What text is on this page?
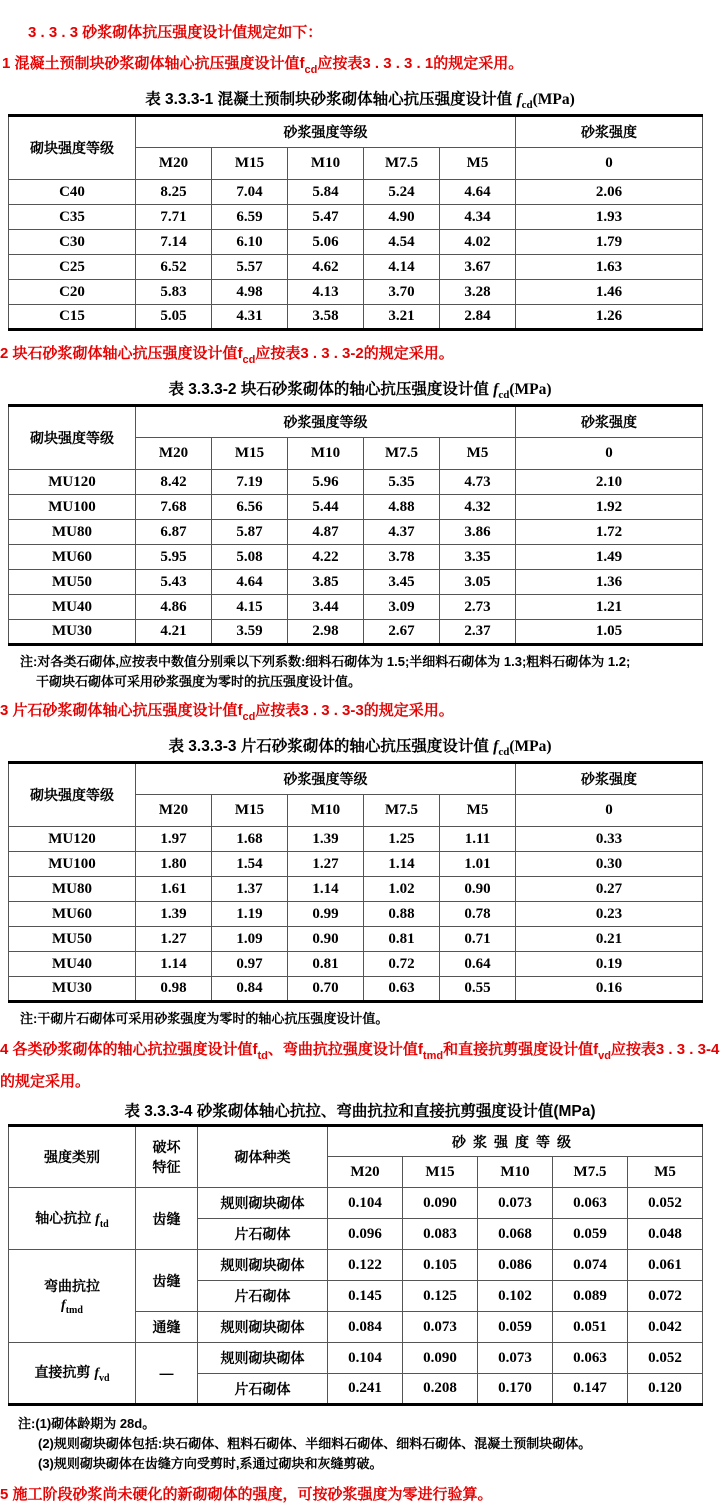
3 . 3 . 3 砂浆砌体抗压强度设计值规定如下：

1 混凝土预制块砂浆砌体轴心抗压强度设计值$f_{cd}$应按表3 . 3 . 3 . 1的规定采用。

表 3.3.3-1 混凝土预制块砂浆砌体轴心抗压强度设计值 $f_{cd}(MPa)$
砌块强度等级	砂浆强度等级					砂浆强度
	M20	M15	M10	M7.5	M5	0
C40	8.25	7.04	5.84	5.24	4.64	2.06
C35	7.71	6.59	5.47	4.90	4.34	1.93
C30	7.14	6.10	5.06	4.54	4.02	1.79
C25	6.52	5.57	4.62	4.14	3.67	1.63
C20	5.83	4.98	4.13	3.70	3.28	1.46
C15	5.05	4.31	3.58	3.21	2.84	1.26

2 块石砂浆砌体轴心抗压强度设计值$f_{cd}$应按表3 . 3 . 3-2的规定采用。

表 3.3.3-2 块石砂浆砌体的轴心抗压强度设计值 $f_{cd}(MPa)$
砌块强度等级	砂浆强度等级					砂浆强度
	M20	M15	M10	M7.5	M5	0
MU120	8.42	7.19	5.96	5.35	4.73	2.10
MU100	7.68	6.56	5.44	4.88	4.32	1.92
MU80	6.87	5.87	4.87	4.37	3.86	1.72
MU60	5.95	5.08	4.22	3.78	3.35	1.49
MU50	5.43	4.64	3.85	3.45	3.05	1.36
MU40	4.86	4.15	3.44	3.09	2.73	1.21
MU30	4.21	3.59	2.98	2.67	2.37	1.05

注:对各类石砌体,应按表中数值分别乘以下列系数:细料石砌体为 1.5;半细料石砌体为 1.3;粗料石砌体为 1.2;
干砌块石砌体可采用砂浆强度为零时的抗压强度设计值。

3 片石砂浆砌体轴心抗压强度设计值$f_{cd}$应按表3 . 3 . 3-3的规定采用。

表 3.3.3-3 片石砂浆砌体的轴心抗压强度设计值 $f_{cd}(MPa)$
砌块强度等级	砂浆强度等级					砂浆强度
	M20	M15	M10	M7.5	M5	0
MU120	1.97	1.68	1.39	1.25	1.11	0.33
MU100	1.80	1.54	1.27	1.14	1.01	0.30
MU80	1.61	1.37	1.14	1.02	0.90	0.27
MU60	1.39	1.19	0.99	0.88	0.78	0.23
MU50	1.27	1.09	0.90	0.81	0.71	0.21
MU40	1.14	0.97	0.81	0.72	0.64	0.19
MU30	0.98	0.84	0.70	0.63	0.55	0.16

注:干砌片石砌体可采用砂浆强度为零时的轴心抗压强度设计值。

4 各类砂浆砌体的轴心抗拉强度设计值$f_{td}$、弯曲抗拉强度设计值$f_{tmd}$和直接抗剪强度设计值$f_{vd}$应按表3 . 3 . 3-4的规定采用。

表 3.3.3-4 砂浆砌体轴心抗拉、弯曲抗拉和直接抗剪强度设计值(MPa)
强度类别	破坏
特征	砌体种类	砂浆强度等级				
			M20	M15	M10	M7.5	M5
轴心抗拉 $f_{td}$	齿缝	规则砌块砌体	0.104	0.090	0.073	0.063	0.052
		片石砌体	0.096	0.083	0.068	0.059	0.048

弯曲抗拉
$f_{tmd}$	齿缝	规则砌块砌体	0.122	0.105	0.086	0.074	0.061
		片石砌体	0.145	0.125	0.102	0.089	0.072
	通缝	规则砌块砌体	0.084	0.073	0.059	0.051	0.042
直接抗剪 $f_{vd}$	—	规则砌块砌体	0.104	0.090	0.073	0.063	0.052
		片石砌体	0.241	0.208	0.170	0.147	0.120
注:(1)砌体龄期为 28d。
(2)规则砌块砌体包括:块石砌体、粗料石砌体、半细料石砌体、细料石砌体、混凝土预制块砌体。
(3)规则砌块砌体在齿缝方向受剪时,系通过砌块和灰缝剪破。

5 施工阶段砂浆尚未硬化的新砌砌体的强度，可按砂浆强度为零进行验算。
